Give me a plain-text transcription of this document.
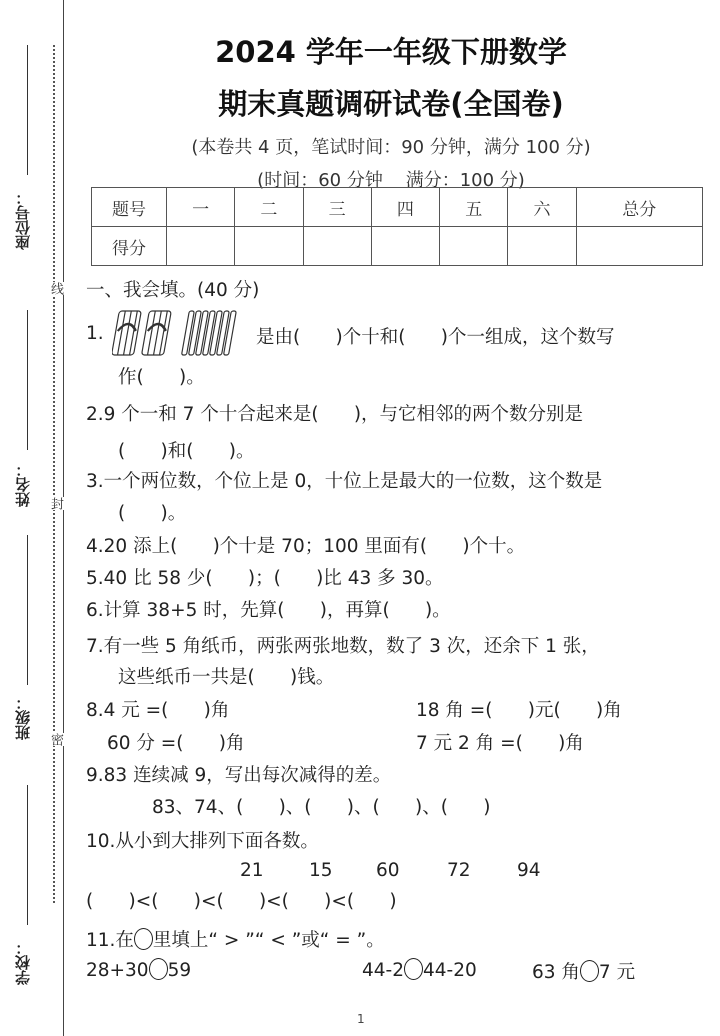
座位号：
姓名：
班级：
学校：
线
封
密
2024 学年一年级下册数学
期末真题调研试卷(全国卷)
(本卷共 4 页，笔试时间：90 分钟，满分 100 分)
(时间：60 分钟    满分：100 分)
题号	一	二	三	四	五	六	总分
得分							
一、我会填。(40 分)
1.	是由(      )个十和(      )个一组成，这个数写
作(      )。
2.9 个一和 7 个十合起来是(      )，与它相邻的两个数分别是
(      )和(      )。
3.一个两位数，个位上是 0，十位上是最大的一位数，这个数是
(      )。
4.20 添上(      )个十是 70；100 里面有(      )个十。
5.40 比 58 少(      )；(      )比 43 多 30。
6.计算 38+5 时，先算(      )，再算(      )。
7.有一些 5 角纸币，两张两张地数，数了 3 次，还余下 1 张，
这些纸币一共是(      )钱。
8.4 元 =(      )角	18 角 =(      )元(      )角
60 分 =(      )角	7 元 2 角 =(      )角
9.83 连续减 9，写出每次减得的差。
83、74、(      )、(      )、(      )、(      )
10.从小到大排列下面各数。
21 15 60	72	94
(      )<(      )<(      )<(      )<(      )
11.在 里填上“ > ”“ < ”或“ = ”。
28+30 59	44-2 44-20	63 角 7 元
1
